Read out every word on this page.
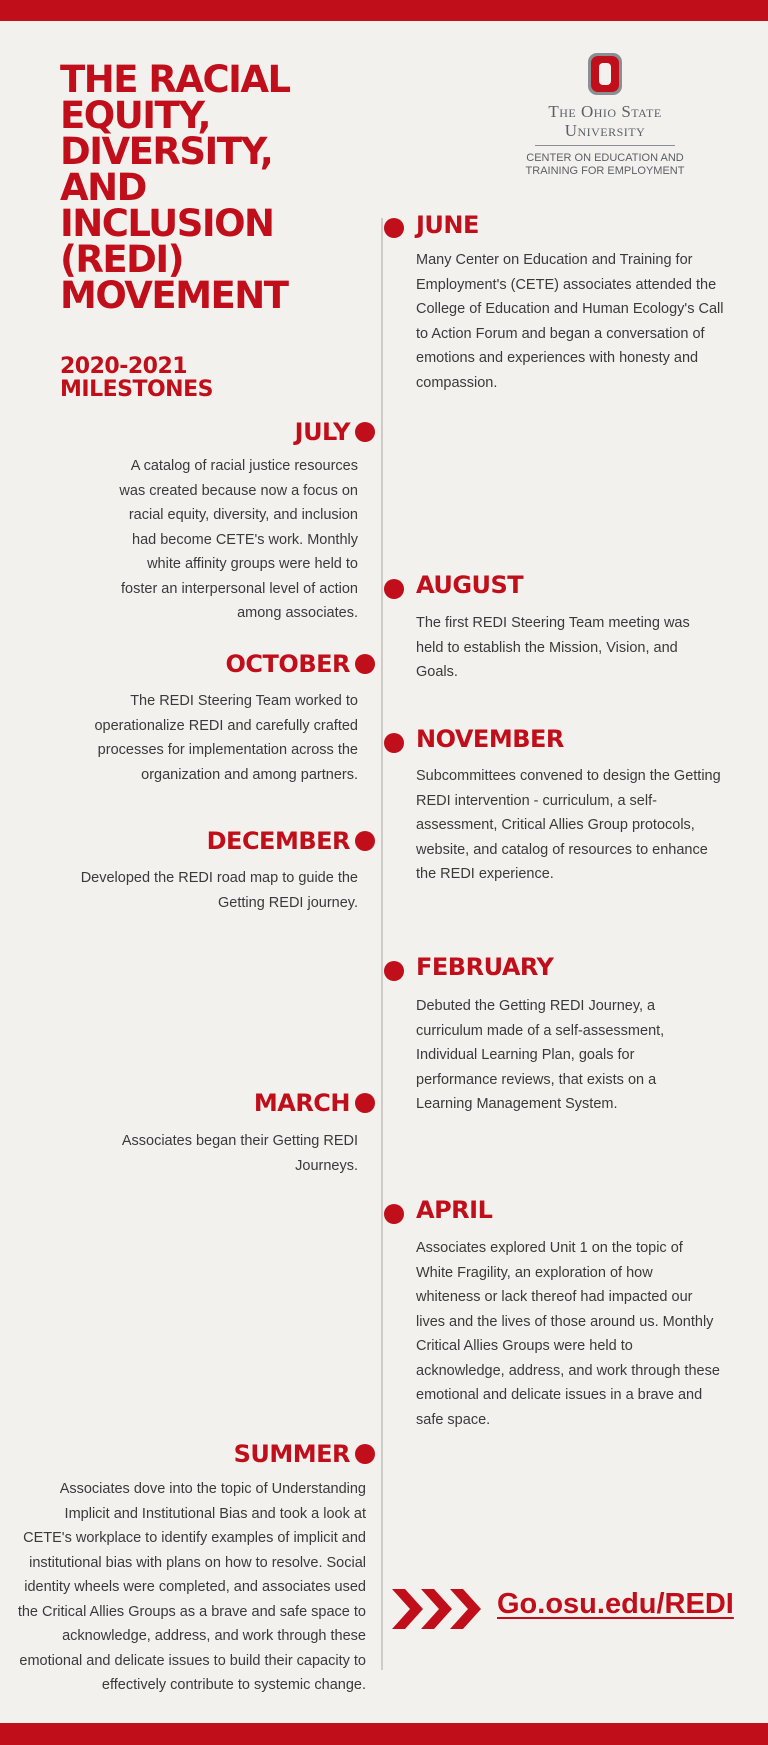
THE RACIAL EQUITY, DIVERSITY, AND INCLUSION (REDI) MOVEMENT
2020-2021 MILESTONES
The Ohio State
University
CENTER ON EDUCATION AND
TRAINING FOR EMPLOYMENT
JUNE
Many Center on Education and Training for Employment's (CETE) associates attended the College of Education and Human Ecology's Call to Action Forum and began a conversation of emotions and experiences with honesty and compassion.
JULY
A catalog of racial justice resources was created because now a focus on racial equity, diversity, and inclusion had become CETE's work. Monthly white affinity groups were held to foster an interpersonal level of action among associates.
AUGUST
The first REDI Steering Team meeting was held to establish the Mission, Vision, and Goals.
OCTOBER
The REDI Steering Team worked to operationalize REDI and carefully crafted processes for implementation across the organization and among partners.
NOVEMBER
Subcommittees convened to design the Getting REDI intervention - curriculum, a self-assessment, Critical Allies Group protocols, website, and catalog of resources to enhance the REDI experience.
DECEMBER
Developed the REDI road map to guide the Getting REDI journey.
FEBRUARY
Debuted the Getting REDI Journey, a curriculum made of a self-assessment, Individual Learning Plan, goals for performance reviews, that exists on a Learning Management System.
MARCH
Associates began their Getting REDI Journeys.
APRIL
Associates explored Unit 1 on the topic of White Fragility, an exploration of how whiteness or lack thereof had impacted our lives and the lives of those around us. Monthly Critical Allies Groups were held to acknowledge, address, and work through these emotional and delicate issues in a brave and safe space.
SUMMER
Associates dove into the topic of Understanding Implicit and Institutional Bias and took a look at CETE's workplace to identify examples of implicit and institutional bias with plans on how to resolve. Social identity wheels were completed, and associates used the Critical Allies Groups as a brave and safe space to acknowledge, address, and work through these emotional and delicate issues to build their capacity to effectively contribute to systemic change.
Go.osu.edu/REDI
